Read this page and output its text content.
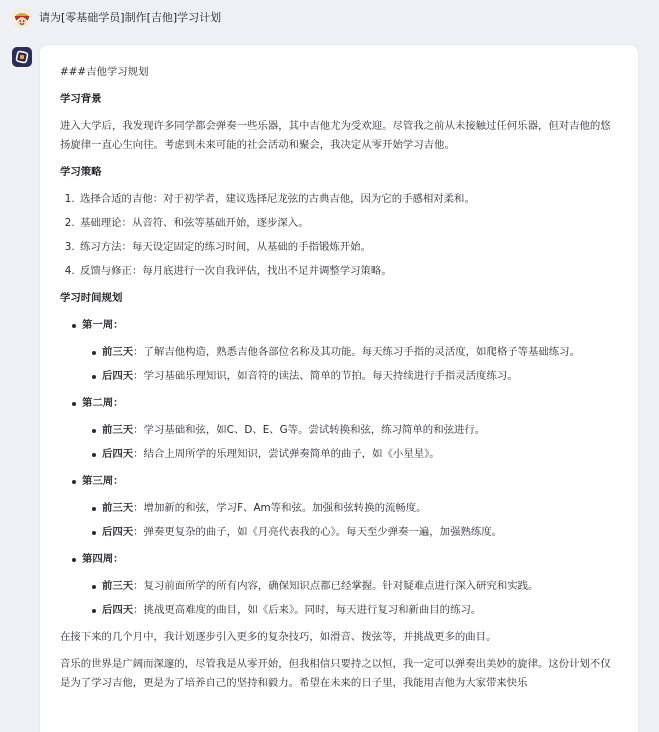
请为[零基础学员]制作[吉他]学习计划
###吉他学习规划
学习背景
进入大学后，我发现许多同学都会弹奏一些乐器，其中吉他尤为受欢迎。尽管我之前从未接触过任何乐器，但对吉他的悠扬旋律一直心生向往。考虑到未来可能的社会活动和聚会，我决定从零开始学习吉他。
学习策略
1. 选择合适的吉他：对于初学者，建议选择尼龙弦的古典吉他，因为它的手感相对柔和。
2. 基础理论：从音符、和弦等基础开始，逐步深入。
3. 练习方法：每天设定固定的练习时间，从基础的手指锻炼开始。
4. 反馈与修正：每月底进行一次自我评估，找出不足并调整学习策略。
学习时间规划
第一周：
前三天：了解吉他构造，熟悉吉他各部位名称及其功能。每天练习手指的灵活度，如爬格子等基础练习。
后四天：学习基础乐理知识，如音符的读法、简单的节拍。每天持续进行手指灵活度练习。
第二周：
前三天：学习基础和弦，如C、D、E、G等。尝试转换和弦，练习简单的和弦进行。
后四天：结合上周所学的乐理知识，尝试弹奏简单的曲子，如《小星星》。
第三周：
前三天：增加新的和弦，学习F、Am等和弦。加强和弦转换的流畅度。
后四天：弹奏更复杂的曲子，如《月亮代表我的心》。每天至少弹奏一遍，加强熟练度。
第四周：
前三天：复习前面所学的所有内容，确保知识点都已经掌握。针对疑难点进行深入研究和实践。
后四天：挑战更高难度的曲目，如《后来》。同时，每天进行复习和新曲目的练习。
在接下来的几个月中，我计划逐步引入更多的复杂技巧，如滑音、拨弦等，并挑战更多的曲目。
音乐的世界是广阔而深邃的，尽管我是从零开始，但我相信只要持之以恒，我一定可以弹奏出美妙的旋律。这份计划不仅是为了学习吉他，更是为了培养自己的坚持和毅力。希望在未来的日子里，我能用吉他为大家带来快乐
